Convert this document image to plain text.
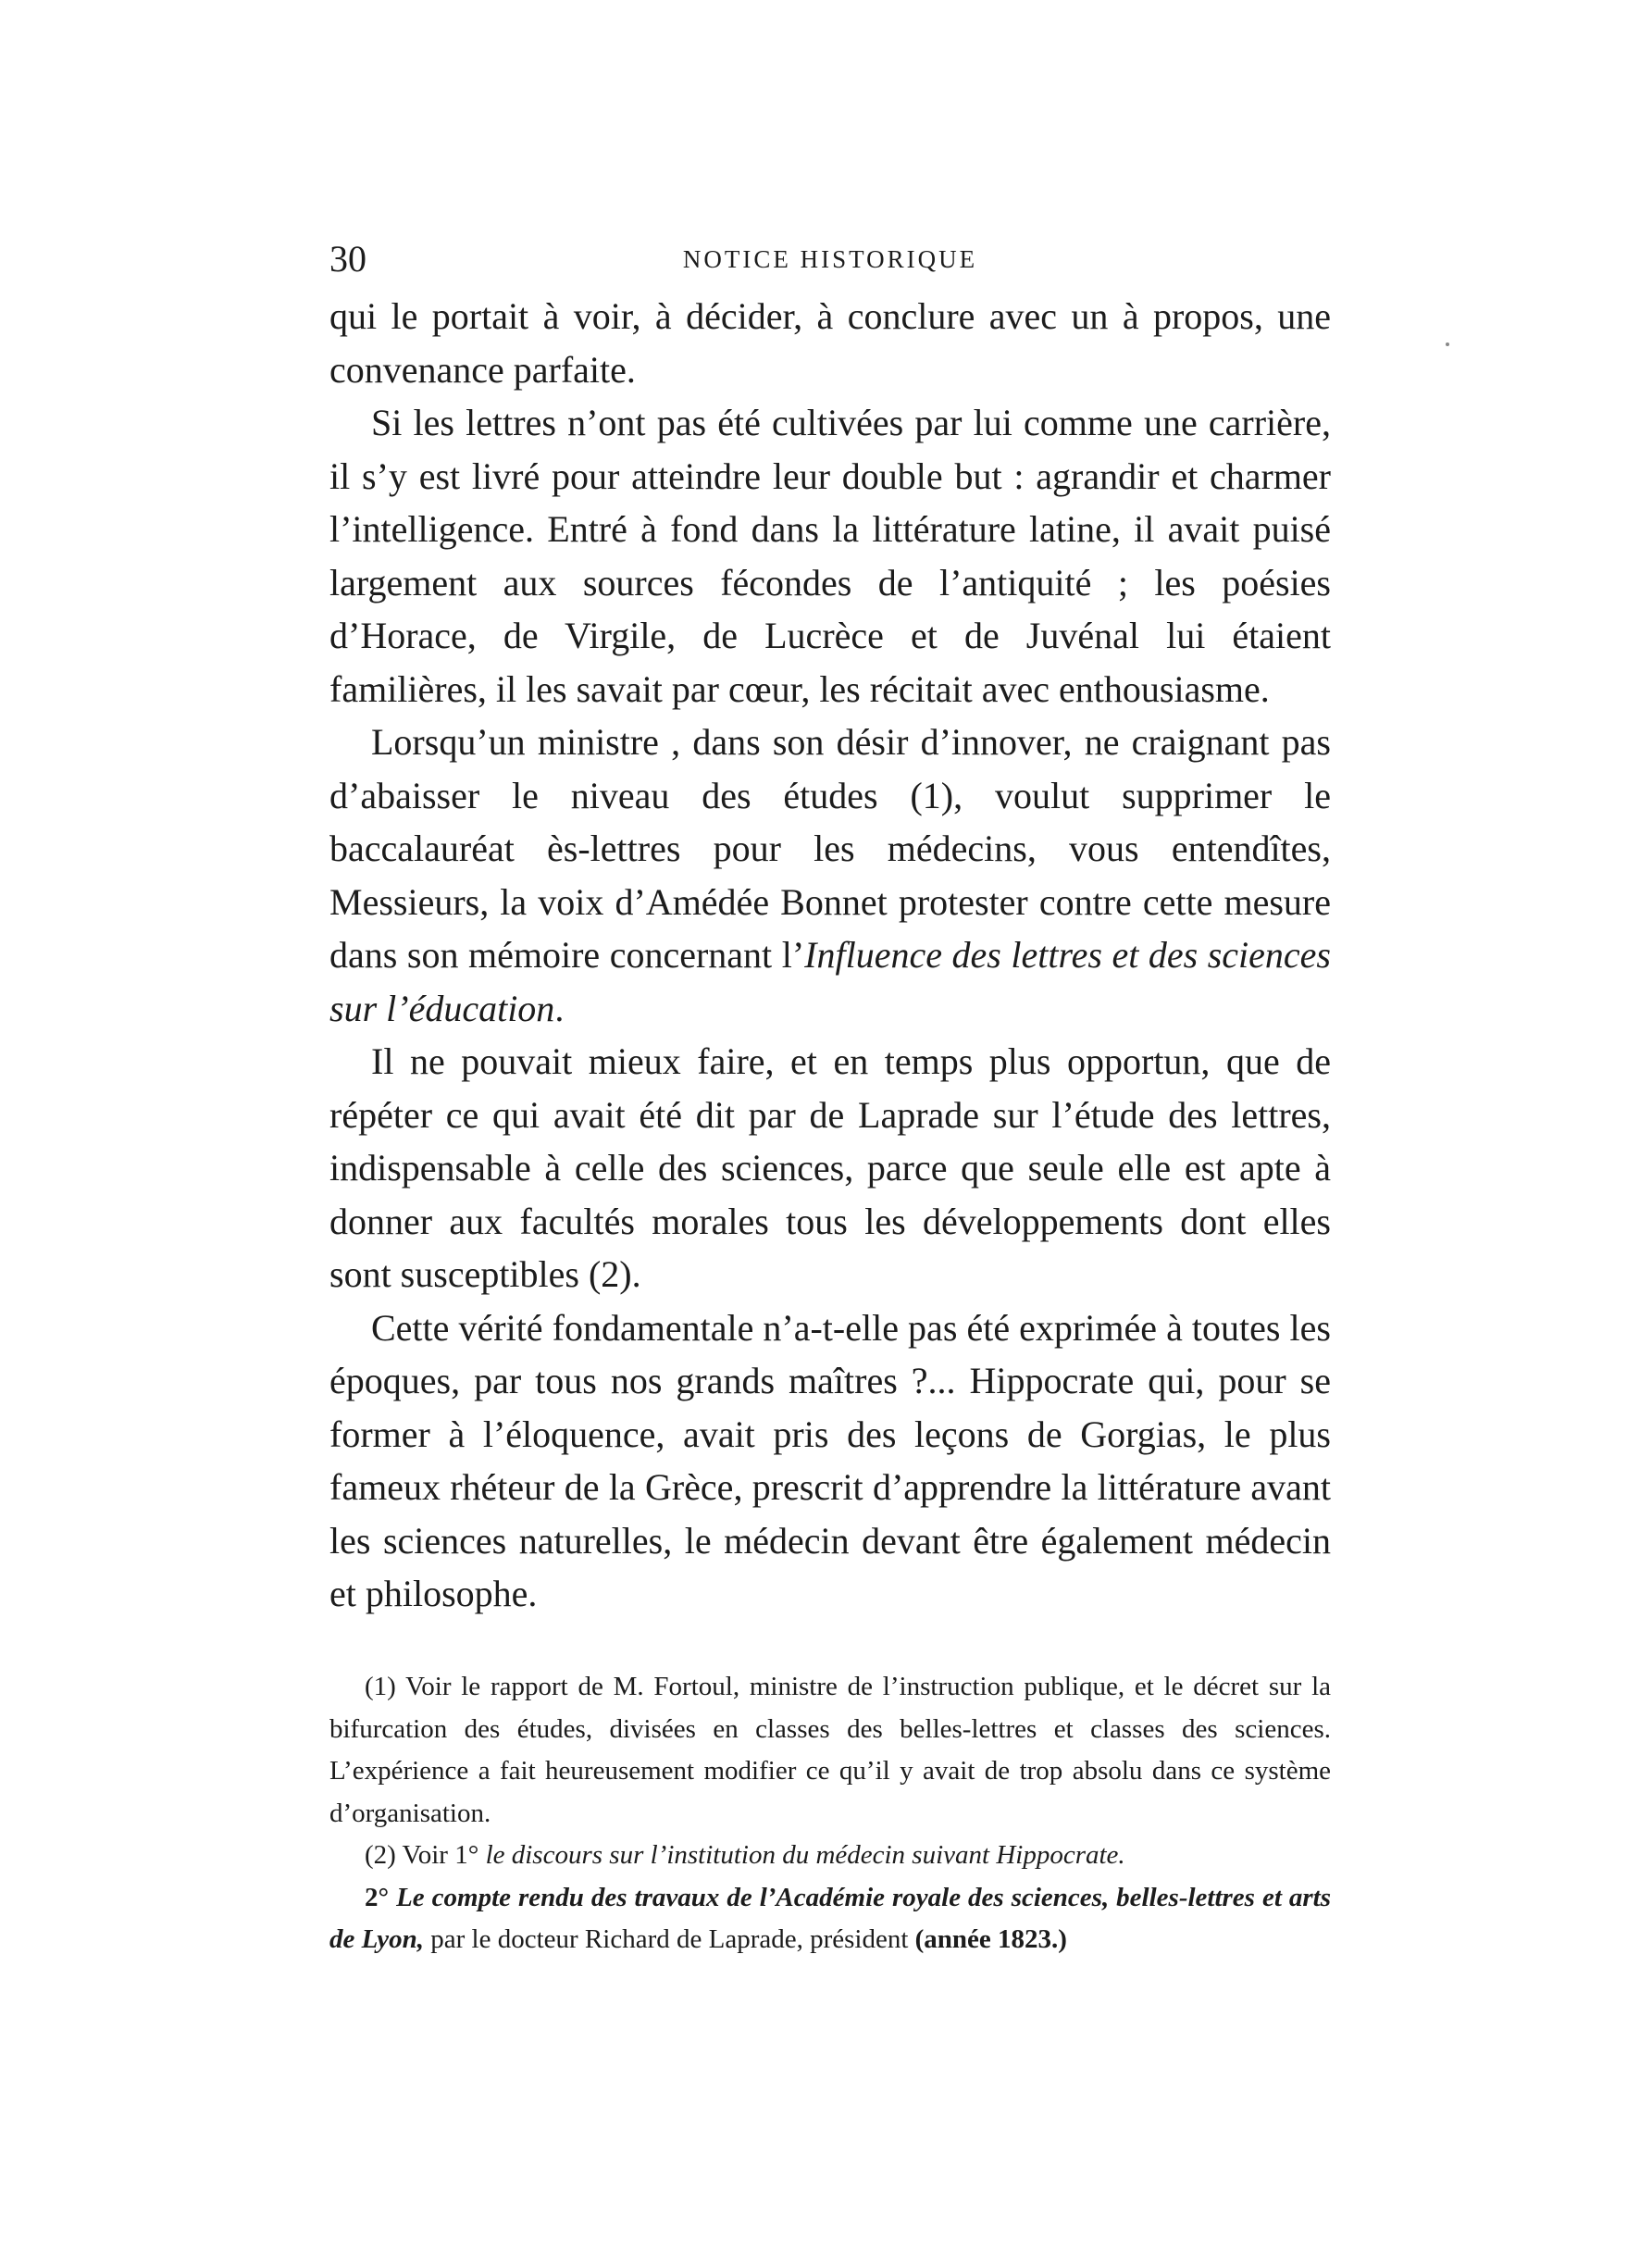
30	NOTICE HISTORIQUE

qui le portait à voir, à décider, à conclure avec un à propos, une convenance parfaite.

Si les lettres n’ont pas été cultivées par lui comme une carrière, il s’y est livré pour atteindre leur double but : agrandir et charmer l’intelligence. Entré à fond dans la littérature latine, il avait puisé largement aux sources fécondes de l’antiquité ; les poésies d’Horace, de Virgile, de Lucrèce et de Juvénal lui étaient familières, il les savait par cœur, les récitait avec enthousiasme.

Lorsqu’un ministre , dans son désir d’innover, ne craignant pas d’abaisser le niveau des études (1), voulut supprimer le baccalauréat ès-lettres pour les médecins, vous entendîtes, Messieurs, la voix d’Amédée Bonnet protester contre cette mesure dans son mémoire concernant l’Influence des lettres et des sciences sur l’éducation.

Il ne pouvait mieux faire, et en temps plus opportun, que de répéter ce qui avait été dit par de Laprade sur l’étude des lettres, indispensable à celle des sciences, parce que seule elle est apte à donner aux facultés morales tous les développements dont elles sont susceptibles (2).

Cette vérité fondamentale n’a-t-elle pas été exprimée à toutes les époques, par tous nos grands maîtres ?... Hippocrate qui, pour se former à l’éloquence, avait pris des leçons de Gorgias, le plus fameux rhéteur de la Grèce, prescrit d’apprendre la littérature avant les sciences naturelles, le médecin devant être également médecin et philosophe.

(1) Voir le rapport de M. Fortoul, ministre de l’instruction publique, et le décret sur la bifurcation des études, divisées en classes des belles-lettres et classes des sciences. L’expérience a fait heureusement modifier ce qu’il y avait de trop absolu dans ce système d’organisation.

(2) Voir 1° le discours sur l’institution du médecin suivant Hippocrate.

2° Le compte rendu des travaux de l’Académie royale des sciences, belles-lettres et arts de Lyon, par le docteur Richard de Laprade, président (année 1823.)
